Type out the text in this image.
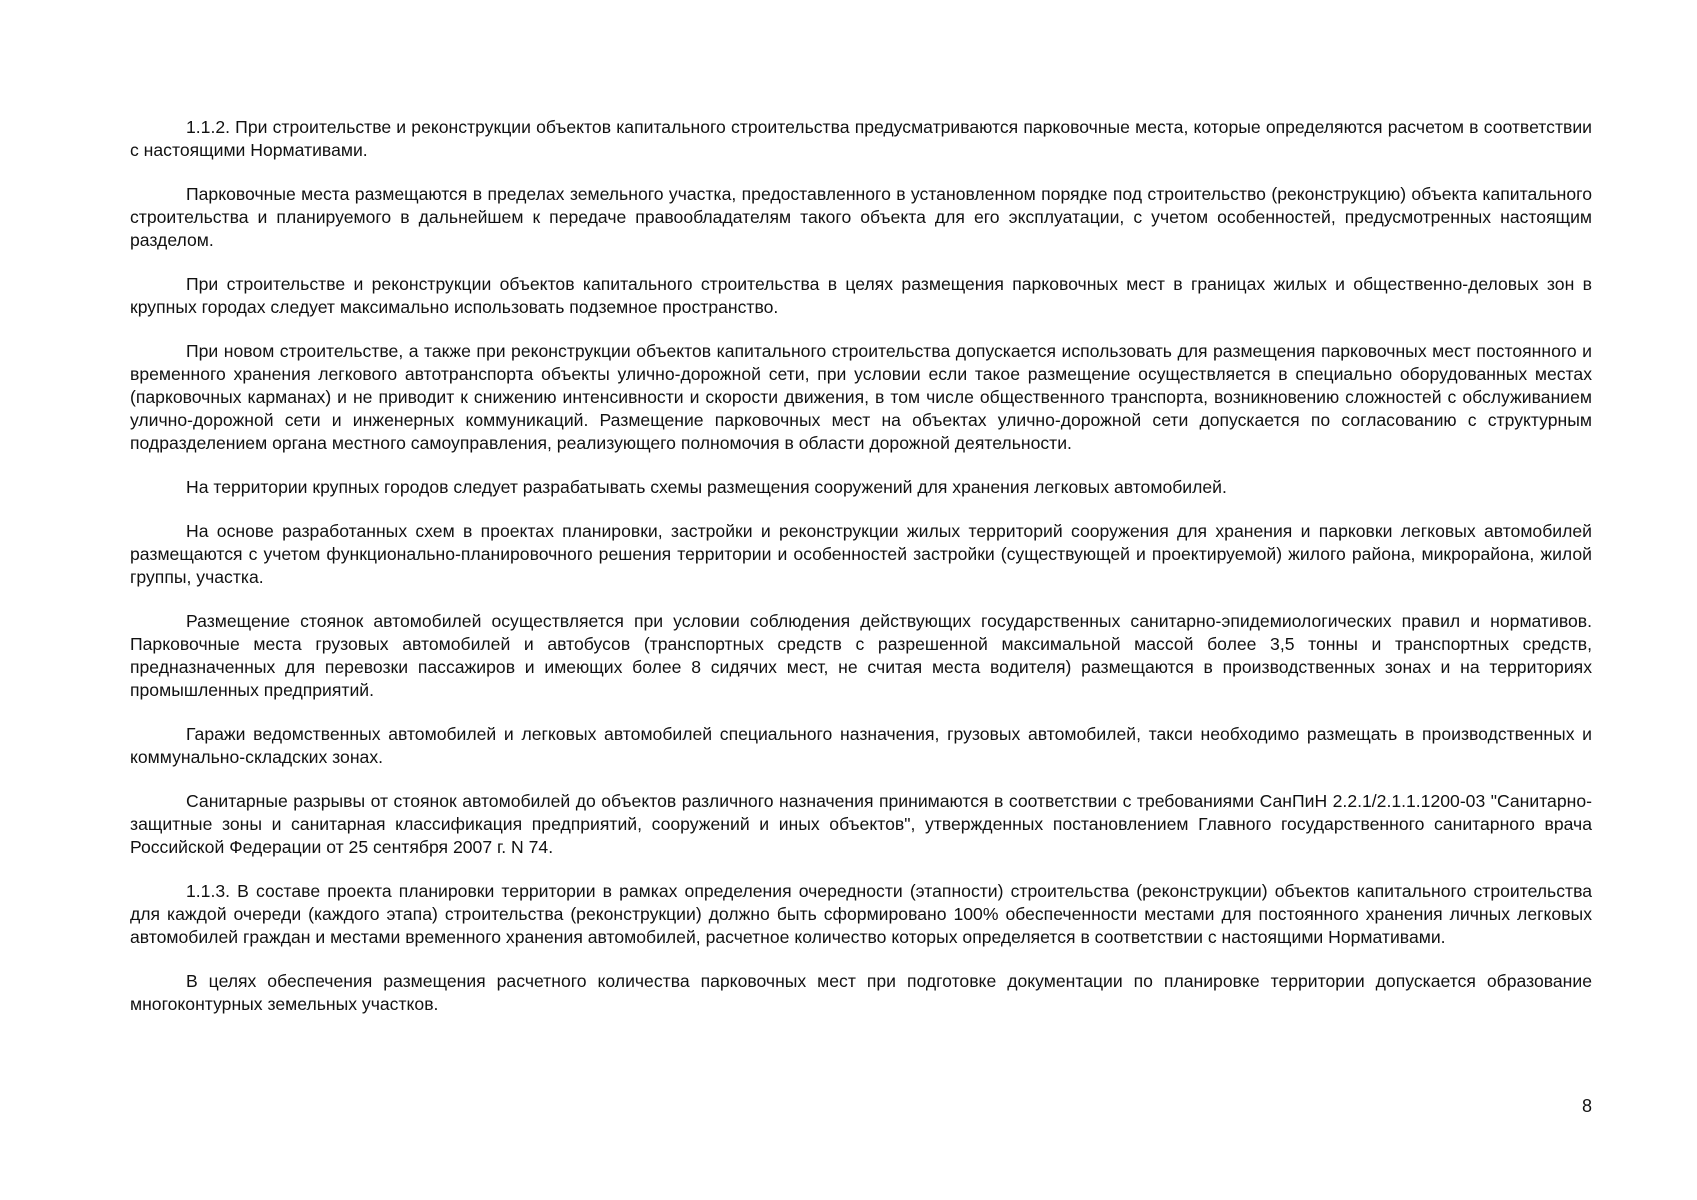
1.1.2. При строительстве и реконструкции объектов капитального строительства предусматриваются парковочные места, которые определяются расчетом в соответствии с настоящими Нормативами.

Парковочные места размещаются в пределах земельного участка, предоставленного в установленном порядке под строительство (реконструкцию) объекта капитального строительства и планируемого в дальнейшем к передаче правообладателям такого объекта для его эксплуатации, с учетом особенностей, предусмотренных настоящим разделом.

При строительстве и реконструкции объектов капитального строительства в целях размещения парковочных мест в границах жилых и общественно-деловых зон в крупных городах следует максимально использовать подземное пространство.

При новом строительстве, а также при реконструкции объектов капитального строительства допускается использовать для размещения парковочных мест постоянного и временного хранения легкового автотранспорта объекты улично-дорожной сети, при условии если такое размещение осуществляется в специально оборудованных местах (парковочных карманах) и не приводит к снижению интенсивности и скорости движения, в том числе общественного транспорта, возникновению сложностей с обслуживанием улично-дорожной сети и инженерных коммуникаций. Размещение парковочных мест на объектах улично-дорожной сети допускается по согласованию с структурным подразделением органа местного самоуправления, реализующего полномочия в области дорожной деятельности.

На территории крупных городов следует разрабатывать схемы размещения сооружений для хранения легковых автомобилей.

На основе разработанных схем в проектах планировки, застройки и реконструкции жилых территорий сооружения для хранения и парковки легковых автомобилей размещаются с учетом функционально-планировочного решения территории и особенностей застройки (существующей и проектируемой) жилого района, микрорайона, жилой группы, участка.

Размещение стоянок автомобилей осуществляется при условии соблюдения действующих государственных санитарно-эпидемиологических правил и нормативов. Парковочные места грузовых автомобилей и автобусов (транспортных средств с разрешенной максимальной массой более 3,5 тонны и транспортных средств, предназначенных для перевозки пассажиров и имеющих более 8 сидячих мест, не считая места водителя) размещаются в производственных зонах и на территориях промышленных предприятий.

Гаражи ведомственных автомобилей и легковых автомобилей специального назначения, грузовых автомобилей, такси необходимо размещать в производственных и коммунально-складских зонах.

Санитарные разрывы от стоянок автомобилей до объектов различного назначения принимаются в соответствии с требованиями СанПиН 2.2.1/2.1.1.1200-03 "Санитарно-защитные зоны и санитарная классификация предприятий, сооружений и иных объектов", утвержденных постановлением Главного государственного санитарного врача Российской Федерации от 25 сентября 2007 г. N 74.

1.1.3. В составе проекта планировки территории в рамках определения очередности (этапности) строительства (реконструкции) объектов капитального строительства для каждой очереди (каждого этапа) строительства (реконструкции) должно быть сформировано 100% обеспеченности местами для постоянного хранения личных легковых автомобилей граждан и местами временного хранения автомобилей, расчетное количество которых определяется в соответствии с настоящими Нормативами.

В целях обеспечения размещения расчетного количества парковочных мест при подготовке документации по планировке территории допускается образование многоконтурных земельных участков.

8
